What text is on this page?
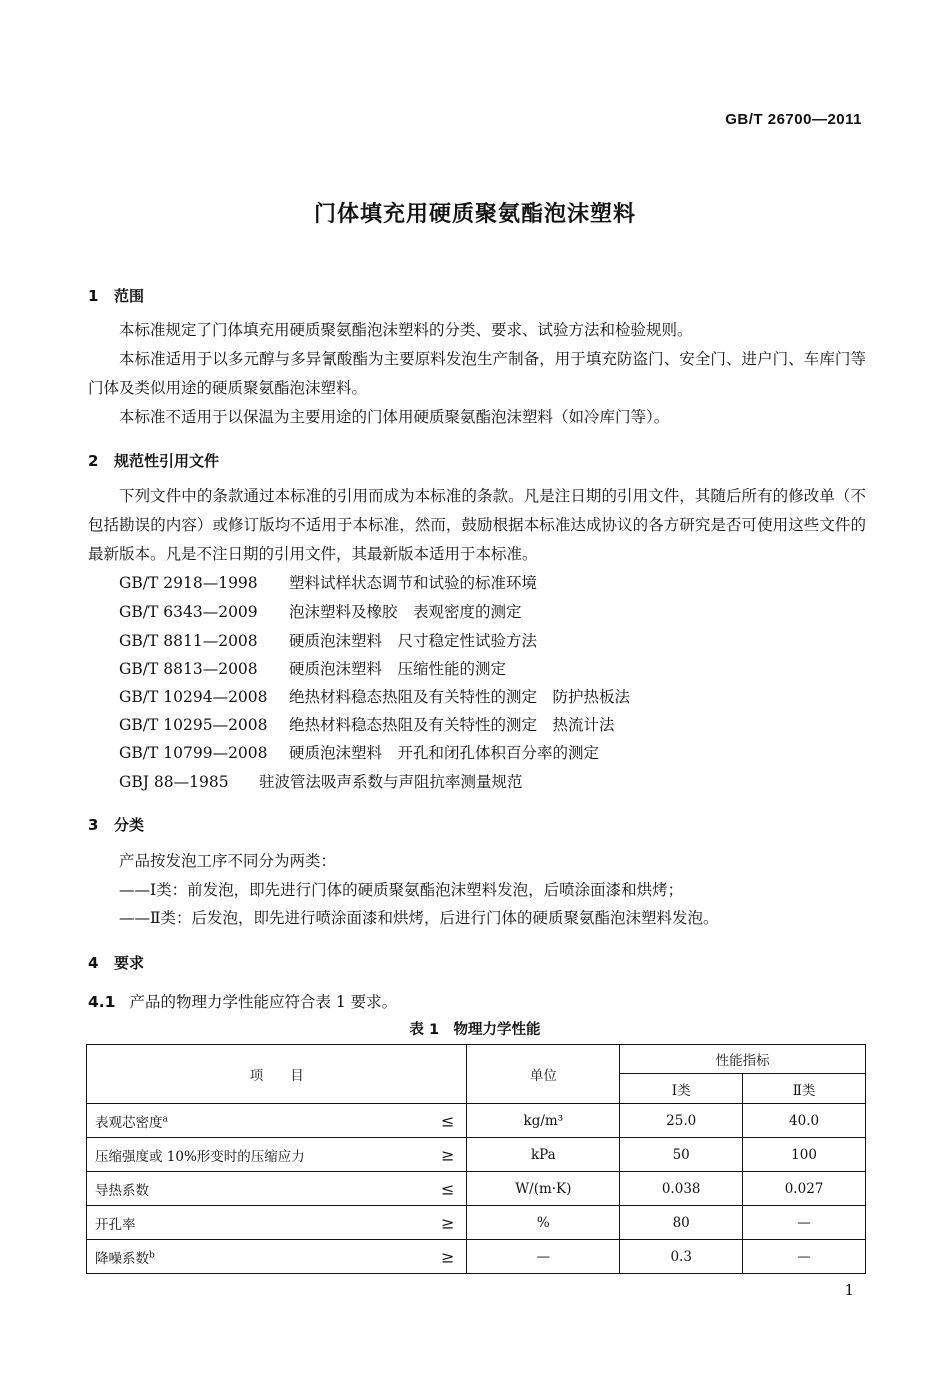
GB/T 26700—2011
门体填充用硬质聚氨酯泡沫塑料
1 范围

本标准规定了门体填充用硬质聚氨酯泡沫塑料的分类、要求、试验方法和检验规则。

本标准适用于以多元醇与多异氰酸酯为主要原料发泡生产制备，用于填充防盗门、安全门、进户门、车库门等门体及类似用途的硬质聚氨酯泡沫塑料。

本标准不适用于以保温为主要用途的门体用硬质聚氨酯泡沫塑料（如冷库门等）。

2 规范性引用文件

下列文件中的条款通过本标准的引用而成为本标准的条款。凡是注日期的引用文件，其随后所有的修改单（不包括勘误的内容）或修订版均不适用于本标准，然而，鼓励根据本标准达成协议的各方研究是否可使用这些文件的最新版本。凡是不注日期的引用文件，其最新版本适用于本标准。

GB/T 2918—1998 塑料试样状态调节和试验的标准环境
GB/T 6343—2009 泡沫塑料及橡胶　表观密度的测定
GB/T 8811—2008 硬质泡沫塑料　尺寸稳定性试验方法
GB/T 8813—2008 硬质泡沫塑料　压缩性能的测定
GB/T 10294—2008 绝热材料稳态热阻及有关特性的测定　防护热板法
GB/T 10295—2008 绝热材料稳态热阻及有关特性的测定　热流计法
GB/T 10799—2008 硬质泡沫塑料　开孔和闭孔体积百分率的测定
GBJ 88—1985 驻波管法吸声系数与声阻抗率测量规范
3 分类
产品按发泡工序不同分为两类：
——Ⅰ类：前发泡，即先进行门体的硬质聚氨酯泡沫塑料发泡，后喷涂面漆和烘烤；
——Ⅱ类：后发泡，即先进行喷涂面漆和烘烤，后进行门体的硬质聚氨酯泡沫塑料发泡。
4 要求
4.1 产品的物理力学性能应符合表 1 要求。
表 1　物理力学性能
项　　目	单位	性能指标	
		Ⅰ类	Ⅱ类
表观芯密度$^a$ ≤	kg/m³	25.0	40.0
压缩强度或 10%形变时的压缩应力 ≥	kPa	50	100
导热系数 ≤	W/(m·K)	0.038	0.027
开孔率 ≥	%	80	—
降噪系数$^b$ ≥	—	0.3	—
1
